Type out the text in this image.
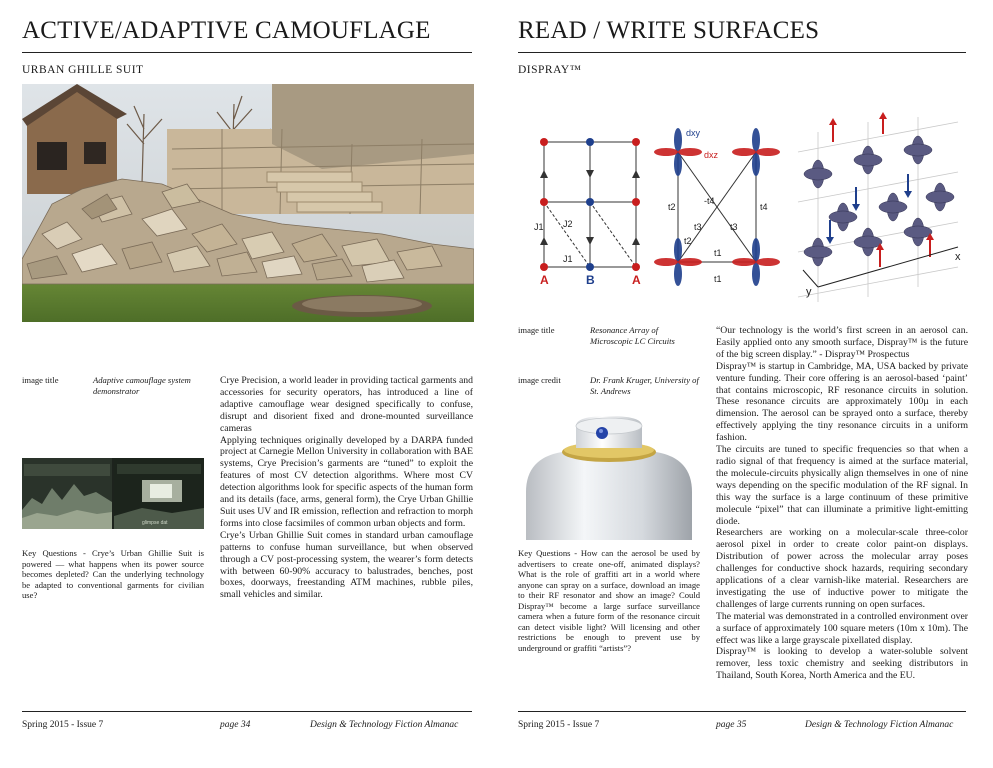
ACTIVE/ADAPTIVE CAMOUFLAGE
URBAN GHILLE SUIT
image title	Adaptive camouflage system demonstrator
glimpse dat
Key Questions - Crye’s Urban Ghillie Suit is powered — what happens when its power source becomes depleted? Can the underlying technology be adapted to conventional garments for civilian use?

Crye Precision, a world leader in providing tactical garments and accessories for security operators, has introduced a line of adaptive camouflage wear designed specifically to confuse, disrupt and disorient fixed and drone-mounted surveillance cameras

Applying techniques originally developed by a DARPA funded project at Carnegie Mellon University in collaboration with BAE systems, Crye Precision’s garments are “tuned” to exploit the features of most CV detection algorithms. Where most CV detection algorithms look for specific aspects of the human form and its details (face, arms, general form), the Crye Urban Ghillie Suit uses UV and IR emission, reflection and refraction to morph forms into close facsimiles of common urban objects and form.

Crye’s Urban Ghillie Suit comes in standard urban camouflage patterns to confuse human surveillance, but when observed through a CV post-processing system, the wearer’s form detects with between 60-90% accuracy to balustrades, benches, post boxes, doorways, freestanding ATM machines, rubble piles, small vehicles and similar.

Spring 2015 - Issue 7	page 34	Design & Technology Fiction Almanac
READ / WRITE SURFACES
DISPRAY™
J1 J2
J1
A	B	A
dxy
dxz
t2
-t4
t4
t3	t3
t2
t1
t1
x
y
image title	Resonance Array of Microscopic LC Circuits
image credit	Dr. Frank Kruger, University of St. Andrews
Key Questions - How can the aerosol be used by advertisers to create one-off, animated displays? What is the role of graffiti art in a world where anyone can spray on a surface, download an image to their RF resonator and show an image? Could Dispray™ become a large surface surveillance camera when a future form of the resonance circuit can detect visible light? Will licensing and other restrictions be enough to prevent use by underground or graffiti “artists”?

“Our technology is the world’s first screen in an aerosol can. Easily applied onto any smooth surface, Dispray™ is the future of the big screen display.” - Dispray™ Prospectus

Dispray™ is startup in Cambridge, MA, USA backed by private venture funding. Their core offering is an aerosol-based ‘paint’ that contains microscopic, RF resonance circuits in solution. These resonance circuits are approximately 100µ in each dimension. The aerosol can be sprayed onto a surface, thereby effectively applying the tiny resonance circuits in a uniform fashion.

The circuits are tuned to specific frequencies so that when a radio signal of that frequency is aimed at the surface material, the molecule-circuits physically align themselves in one of nine ways depending on the specific modulation of the RF signal. In this way the surface is a large continuum of these primitive molecule “pixel” that can illuminate a primitive light-emitting diode.

Researchers are working on a molecular-scale three-color aerosol pixel in order to create color paint-on displays. Distribution of power across the molecular array poses challenges for conductive shock hazards, requiring secondary applications of a clear varnish-like material. Researchers are investigating the use of inductive power to mitigate the challenges of large currents running on open surfaces.

The material was demonstrated in a controlled environment over a surface of approximately 100 square meters (10m x 10m). The effect was like a large grayscale pixellated display.

Dispray™ is looking to develop a water-soluble solvent remover, less toxic chemistry and seeking distributors in Thailand, South Korea, North America and the EU.

Spring 2015 - Issue 7	page 35	Design & Technology Fiction Almanac
